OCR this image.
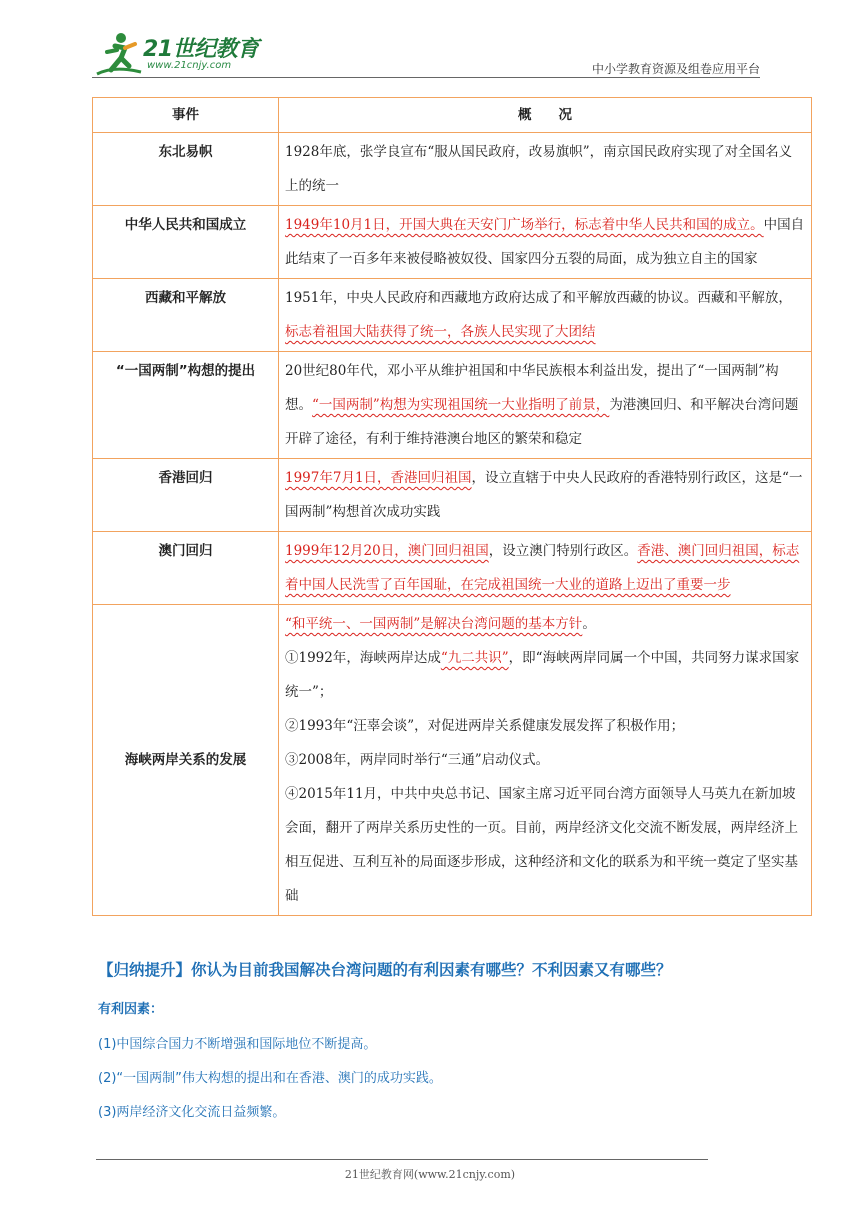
21世纪教育
www.21cnjy.com	中小学教育资源及组卷应用平台
事件	概　　况
东北易帜	1928年底，张学良宣布“服从国民政府，改易旗帜”，南京国民政府实现了对全国名义上的统一
中华人民共和国成立	1949年10月1日，开国大典在天安门广场举行，标志着中华人民共和国的成立。中国自此结束了一百多年来被侵略被奴役、国家四分五裂的局面，成为独立自主的国家
西藏和平解放	1951年，中央人民政府和西藏地方政府达成了和平解放西藏的协议。西藏和平解放，标志着祖国大陆获得了统一，各族人民实现了大团结
“一国两制”构想的提出	20世纪80年代，邓小平从维护祖国和中华民族根本利益出发，提出了“一国两制”构想。“一国两制”构想为实现祖国统一大业指明了前景，为港澳回归、和平解决台湾问题开辟了途径，有利于维持港澳台地区的繁荣和稳定
香港回归	1997年7月1日，香港回归祖国，设立直辖于中央人民政府的香港特别行政区，这是“一国两制”构想首次成功实践
澳门回归	1999年12月20日，澳门回归祖国，设立澳门特别行政区。香港、澳门回归祖国，标志着中国人民洗雪了百年国耻，在完成祖国统一大业的道路上迈出了重要一步
海峡两岸关系的发展	“和平统一、一国两制”是解决台湾问题的基本方针。
①1992年，海峡两岸达成“九二共识”，即“海峡两岸同属一个中国，共同努力谋求国家统一”；
②1993年“汪辜会谈”，对促进两岸关系健康发展发挥了积极作用；
③2008年，两岸同时举行“三通”启动仪式。
④2015年11月，中共中央总书记、国家主席习近平同台湾方面领导人马英九在新加坡会面，翻开了两岸关系历史性的一页。目前，两岸经济文化交流不断发展，两岸经济上相互促进、互利互补的局面逐步形成，这种经济和文化的联系为和平统一奠定了坚实基础
【归纳提升】你认为目前我国解决台湾问题的有利因素有哪些？不利因素又有哪些？
有利因素：
(1)中国综合国力不断增强和国际地位不断提高。
(2)“一国两制”伟大构想的提出和在香港、澳门的成功实践。
(3)两岸经济文化交流日益频繁。
21世纪教育网(www.21cnjy.com)
